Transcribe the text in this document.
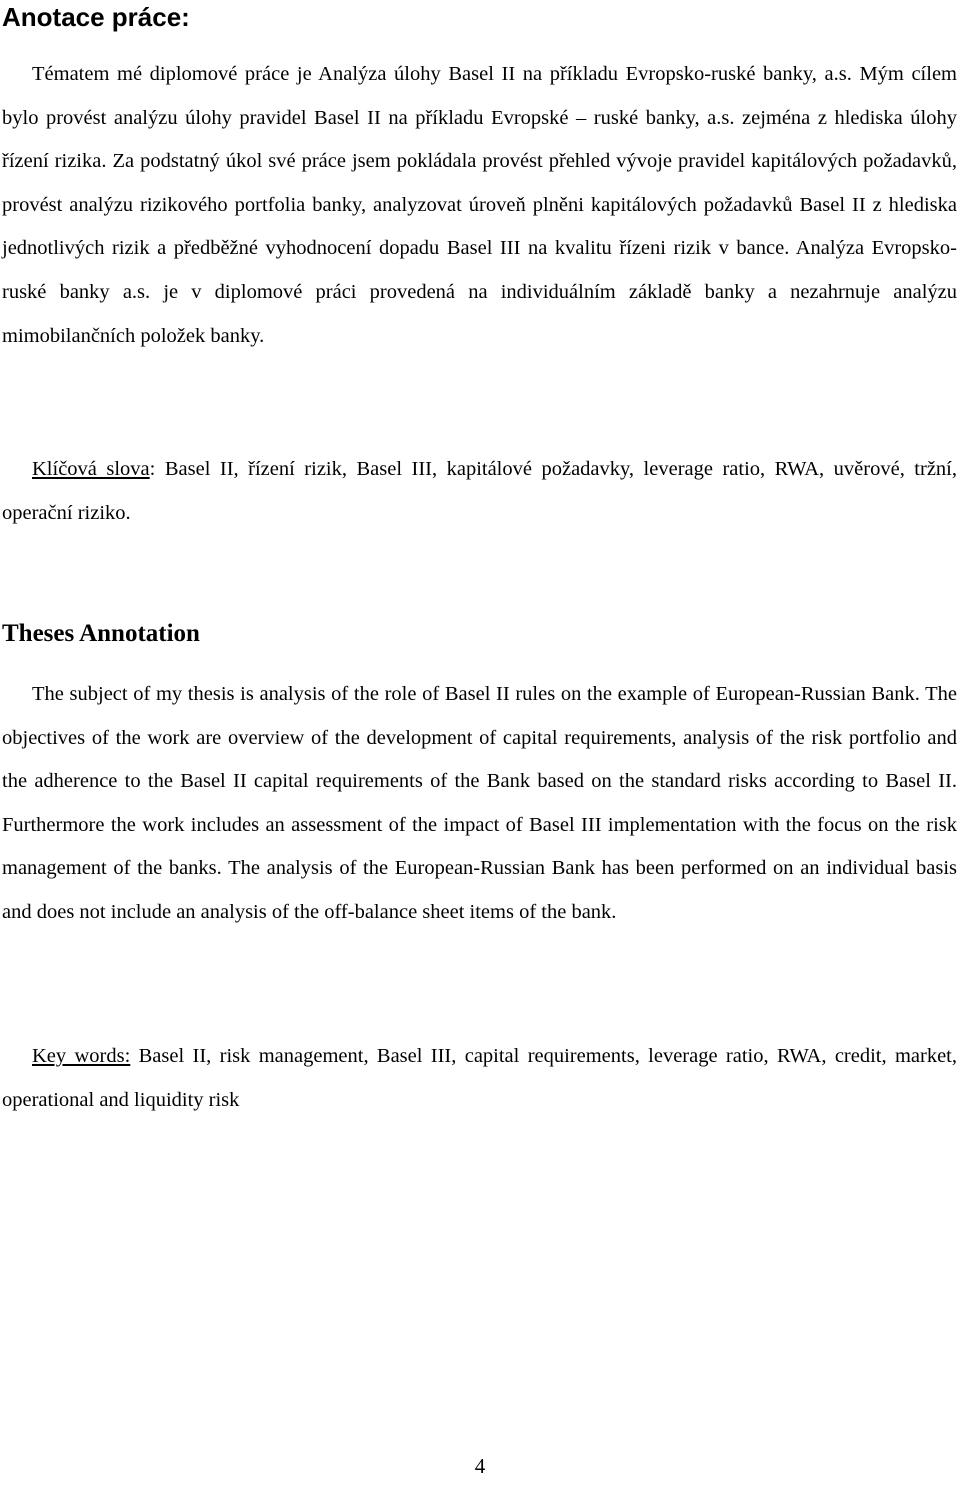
Anotace práce:

Tématem mé diplomové práce je Analýza úlohy Basel II na příkladu Evropsko-ruské banky, a.s. Mým cílem bylo provést analýzu úlohy pravidel Basel II na příkladu Evropské – ruské banky, a.s. zejména z hlediska úlohy řízení rizika. Za podstatný úkol své práce jsem pokládala provést přehled vývoje pravidel kapitálových požadavků, provést analýzu rizikového portfolia banky, analyzovat úroveň plněni kapitálových požadavků Basel II z hlediska jednotlivých rizik a předběžné vyhodnocení dopadu Basel III na kvalitu řízeni rizik v bance. Analýza Evropsko-ruské banky a.s. je v diplomové práci provedená na individuálním základě banky a nezahrnuje analýzu mimobilančních položek banky.

Klíčová slova: Basel II, řízení rizik, Basel III, kapitálové požadavky, leverage ratio, RWA, uvěrové, tržní, operační riziko.

Theses Annotation

The subject of my thesis is analysis of the role of Basel II rules on the example of European-Russian Bank. The objectives of the work are overview of the development of capital requirements, analysis of the risk portfolio and the adherence to the Basel II capital requirements of the Bank based on the standard risks according to Basel II. Furthermore the work includes an assessment of the impact of Basel III implementation with the focus on the risk management of the banks. The analysis of the European-Russian Bank has been performed on an individual basis and does not include an analysis of the off-balance sheet items of the bank.

Key words: Basel II, risk management, Basel III, capital requirements, leverage ratio, RWA, credit, market, operational and liquidity risk

4
